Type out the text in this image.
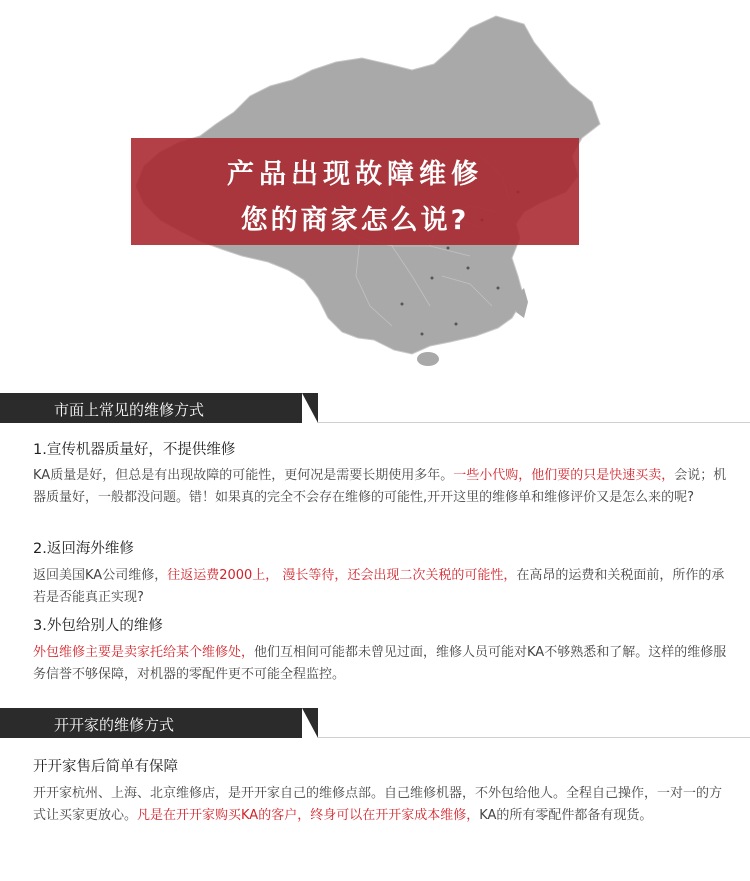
产品出现故障维修
您的商家怎么说?
市面上常见的维修方式
1.宣传机器质量好，不提供维修
KA质量是好，但总是有出现故障的可能性，更何况是需要长期使用多年。一些小代购，他们要的只是快速买卖，会说；机器质量好，一般都没问题。错！如果真的完全不会存在维修的可能性,开开这里的维修单和维修评价又是怎么来的呢?
2.返回海外维修
返回美国KA公司维修，往返运费2000上， 漫长等待，还会出现二次关税的可能性，在高昂的运费和关税面前，所作的承若是否能真正实现?
3.外包给别人的维修
外包维修主要是卖家托给某个维修处，他们互相间可能都未曾见过面，维修人员可能对KA不够熟悉和了解。这样的维修服务信誉不够保障，对机器的零配件更不可能全程监控。
开开家的维修方式
开开家售后简单有保障
开开家杭州、上海、北京维修店，是开开家自己的维修点部。自己维修机器，不外包给他人。全程自己操作，一对一的方式让买家更放心。凡是在开开家购买KA的客户，终身可以在开开家成本维修，KA的所有零配件都备有现货。
